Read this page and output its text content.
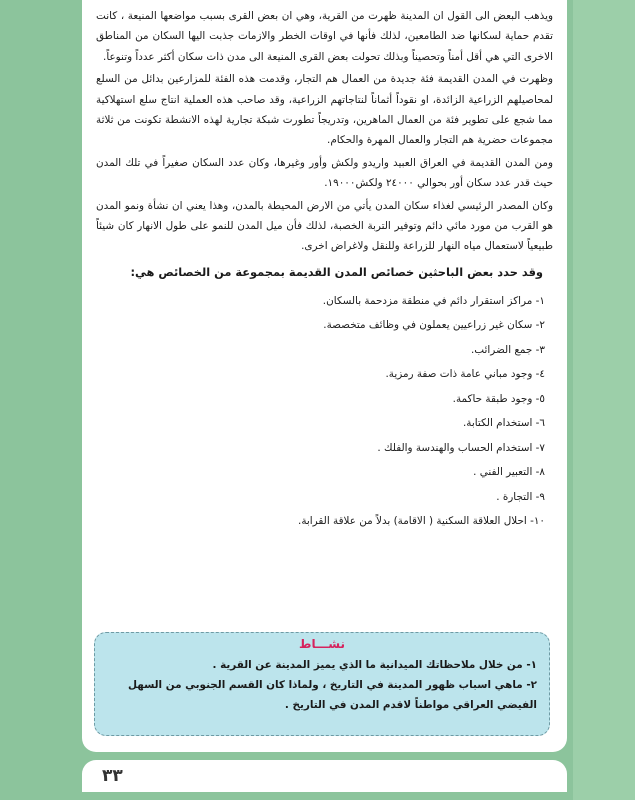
ويذهب البعض الى القول ان المدينة ظهرت من القرية، وهي ان بعض القرى بسبب مواضعها المنيعة ، كانت تقدم حماية لسكانها ضد الطامعين، لذلك فأنها في اوقات الخطر والازمات جذبت اليها السكان من المناطق الاخرى التي هي أقل أمناً وتحصيناً وبذلك تحولت بعض القرى المنيعة الى مدن ذات سكان أكثر عدداً وتنوعاً.

وظهرت في المدن القديمة فئة جديدة من العمال هم التجار، وقدمت هذه الفئة للمزارعين بدائل من السلع لمحاصيلهم الزراعية الزائدة، او نقوداً أثماناً لنتاجاتهم الزراعية، وقد صاحب هذه العملية انتاج سلع استهلاكية مما شجع على تطوير فئة من العمال الماهرين، وتدريجاً تطورت شبكة تجارية لهذه الانشطة تكونت من ثلاثة مجموعات حضرية هم التجار والعمال المهرة والحكام.

ومن المدن القديمة في العراق العبيد واريدو ولكش وأور وغيرها، وكان عدد السكان صغيراً في تلك المدن حيث قدر عدد سكان أور بحوالي ٢٤٠٠٠ ولكش١٩٠٠٠.

وكان المصدر الرئيسي لغذاء سكان المدن يأتي من الارض المحيطة بالمدن، وهذا يعني ان نشأة ونمو المدن هو القرب من مورد مائي دائم وتوفير التربة الخصبة، لذلك فأن ميل المدن للنمو على طول الانهار كان شيئاً طبيعياً لاستعمال مياه النهار للزراعة وللنقل ولاغراض اخرى.

وقد حدد بعض الباحثين خصائص المدن القديمة بمجموعة من الخصائص هي:
١- مراكز استقرار دائم في منطقة مزدحمة بالسكان.
٢- سكان غير زراعيين يعملون في وظائف متخصصة.
٣- جمع الضرائب.
٤- وجود مباني عامة ذات صفة رمزية.
٥- وجود طبقة حاكمة.
٦- استخدام الكتابة.
٧- استخدام الحساب والهندسة والفلك .
٨- التعبير الفني .
٩- التجارة .
١٠- احلال العلاقة السكنية ( الاقامة) بدلاً من علاقة القرابة.
نشـــاط

١- من خلال ملاحظاتك الميدانية ما الذي يميز المدينة عن القرية .

٢- ماهي اسباب ظهور المدينة في التاريخ ، ولماذا كان القسم الجنوبي من السهل الفيضي العراقي مواطناً لاقدم المدن في التاريخ .

٣٣
